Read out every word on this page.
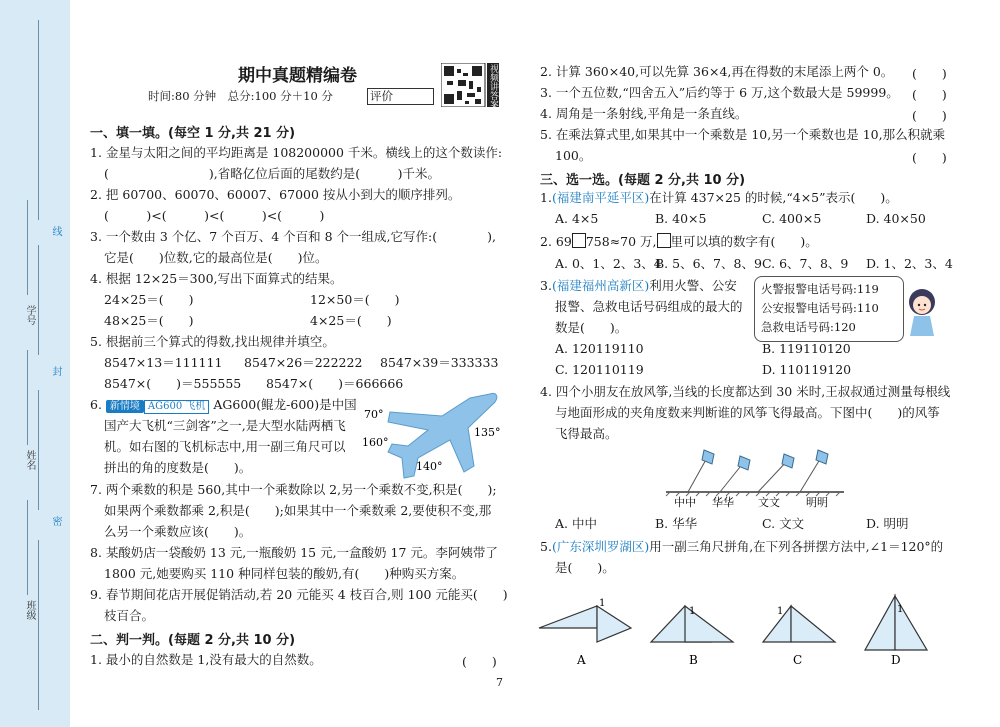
线
封
密
学号
姓名
班级
期中真题精编卷
时间:80 分钟　总分:100 分＋10 分	评价	视频讲答案
一、填一填。(每空 1 分,共 21 分)
1. 金星与太阳之间的平均距离是 108200000 千米。横线上的这个数读作:
(　　　　　　　　),省略亿位后面的尾数约是(　　　)千米。
2. 把 60700、60070、60007、67000 按从小到大的顺序排列。
(　　　)<(　　　)<(　　　)<(　　　)
3. 一个数由 3 个亿、7 个百万、4 个百和 8 个一组成,它写作:(　　　　),
它是(　　)位数,它的最高位是(　　)位。
4. 根据 12×25＝300,写出下面算式的结果。
24×25＝(　　)	12×50＝(　　)
48×25＝(　　)	4×25＝(　　)
5. 根据前三个算式的得数,找出规律并填空。
8547×13＝111111 8547×26＝222222 8547×39＝333333
8547×(　　)＝555555 8547×(　　)＝666666
6. 新情境 AG600 飞机 AG600(鲲龙-600)是中国
国产大飞机“三剑客”之一,是大型水陆两栖飞
机。如右图的飞机标志中,用一副三角尺可以
拼出的角的度数是(　　)。
70°
135°
160°
140°
7. 两个乘数的积是 560,其中一个乘数除以 2,另一个乘数不变,积是(　　);
如果两个乘数都乘 2,积是(　　);如果其中一个乘数乘 2,要使积不变,那
么另一个乘数应该(　　)。
8. 某酸奶店一袋酸奶 13 元,一瓶酸奶 15 元,一盒酸奶 17 元。李阿姨带了
1800 元,她要购买 110 种同样包装的酸奶,有(　　)种购买方案。
9. 春节期间花店开展促销活动,若 20 元能买 4 枝百合,则 100 元能买(　　)
枝百合。
二、判一判。(每题 2 分,共 10 分)
1. 最小的自然数是 1,没有最大的自然数。	(　　)
2. 计算 360×40,可以先算 36×4,再在得数的末尾添上两个 0。 (　　)
3. 一个五位数,“四舍五入”后约等于 6 万,这个数最大是 59999。 (　　)
4. 周角是一条射线,平角是一条直线。	(　　)
5. 在乘法算式里,如果其中一个乘数是 10,另一个乘数也是 10,那么积就乘
100。	(　　)
三、选一选。(每题 2 分,共 10 分)
1.(福建南平延平区)在计算 437×25 的时候,“4×5”表示(　　)。
A. 4×5	B. 40×5	C. 400×5	D. 40×50
2. 69 758≈70 万, 里可以填的数字有(　　)。
A. 0、1、2、3、4
B. 5、6、7、8、9 C. 6、7、8、9 D. 1、2、3、4
3.(福建福州高新区)利用火警、公安
报警、急救电话号码组成的最大的
数是(　　)。
火警报警电话号码:119
公安报警电话号码:110
急救电话号码:120
A. 120119110	B. 119110120
C. 120110119	D. 110119120
4. 四个小朋友在放风筝,当线的长度都达到 30 米时,王叔叔通过测量每根线
与地面形成的夹角度数来判断谁的风筝飞得最高。下图中(　　)的风筝
飞得最高。
中中 华华 文文 明明
A. 中中	B. 华华	C. 文文	D. 明明
5.(广东深圳罗湖区)用一副三角尺拼角,在下列各拼摆方法中,∠1＝120°的
是(　　)。
1
1	1	1
A	B	C	D
7
